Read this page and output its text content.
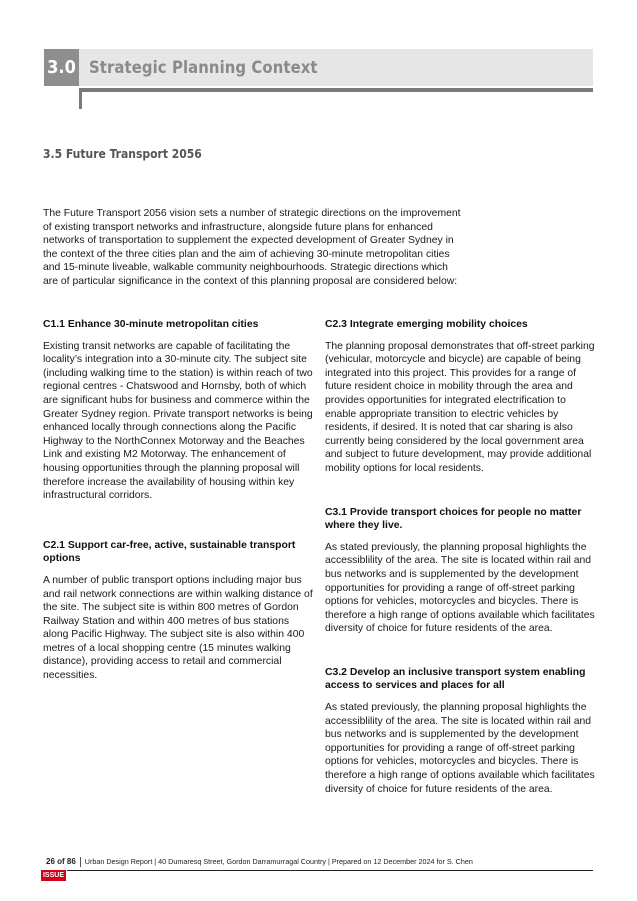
3.0 Strategic Planning Context
3.5 Future Transport 2056
The Future Transport 2056 vision sets a number of strategic directions on the improvement of existing transport networks and infrastructure, alongside future plans for enhanced networks of transportation to supplement the expected development of Greater Sydney in the context of the three cities plan and the aim of achieving 30-minute metropolitan cities and 15-minute liveable, walkable community neighbourhoods. Strategic directions which are of particular significance in the context of this planning proposal are considered below:
C1.1 Enhance 30-minute metropolitan cities

Existing transit networks are capable of facilitating the locality’s integration into a 30-minute city. The subject site (including walking time to the station) is within reach of two regional centres - Chatswood and Hornsby, both of which are significant hubs for business and commerce within the Greater Sydney region. Private transport networks is being enhanced locally through connections along the Pacific Highway to the NorthConnex Motorway and the Beaches Link and existing M2 Motorway. The enhancement of housing opportunities through the planning proposal will therefore increase the availability of housing within key infrastructural corridors.

C2.1 Support car-free, active, sustainable transport options

A number of public transport options including major bus and rail network connections are within walking distance of the site. The subject site is within 800 metres of Gordon Railway Station and within 400 metres of bus stations along Pacific Highway. The subject site is also within 400 metres of a local shopping centre (15 minutes walking distance), providing access to retail and commercial necessities.

C2.3 Integrate emerging mobility choices

The planning proposal demonstrates that off-street parking (vehicular, motorcycle and bicycle) are capable of being integrated into this project. This provides for a range of future resident choice in mobility through the area and provides opportunities for integrated electrification to enable appropriate transition to electric vehicles by residents, if desired. It is noted that car sharing is also currently being considered by the local government area and subject to future development, may provide additional mobility options for local residents.

C3.1 Provide transport choices for people no matter where they live.

As stated previously, the planning proposal highlights the accessiblility of the area. The site is located within rail and bus networks and is supplemented by the development opportunities for providing a range of off-street parking options for vehicles, motorcycles and bicycles. There is therefore a high range of options available which facilitates diversity of choice for future residents of the area.

C3.2 Develop an inclusive transport system enabling access to services and places for all

As stated previously, the planning proposal highlights the accessiblility of the area. The site is located within rail and bus networks and is supplemented by the development opportunities for providing a range of off-street parking options for vehicles, motorcycles and bicycles. There is therefore a high range of options available which facilitates diversity of choice for future residents of the area.

26 of 86 Urban Design Report | 40 Dumaresq Street, Gordon Darramurragal Country | Prepared on 12 December 2024 for S. Chen
ISSUE B
